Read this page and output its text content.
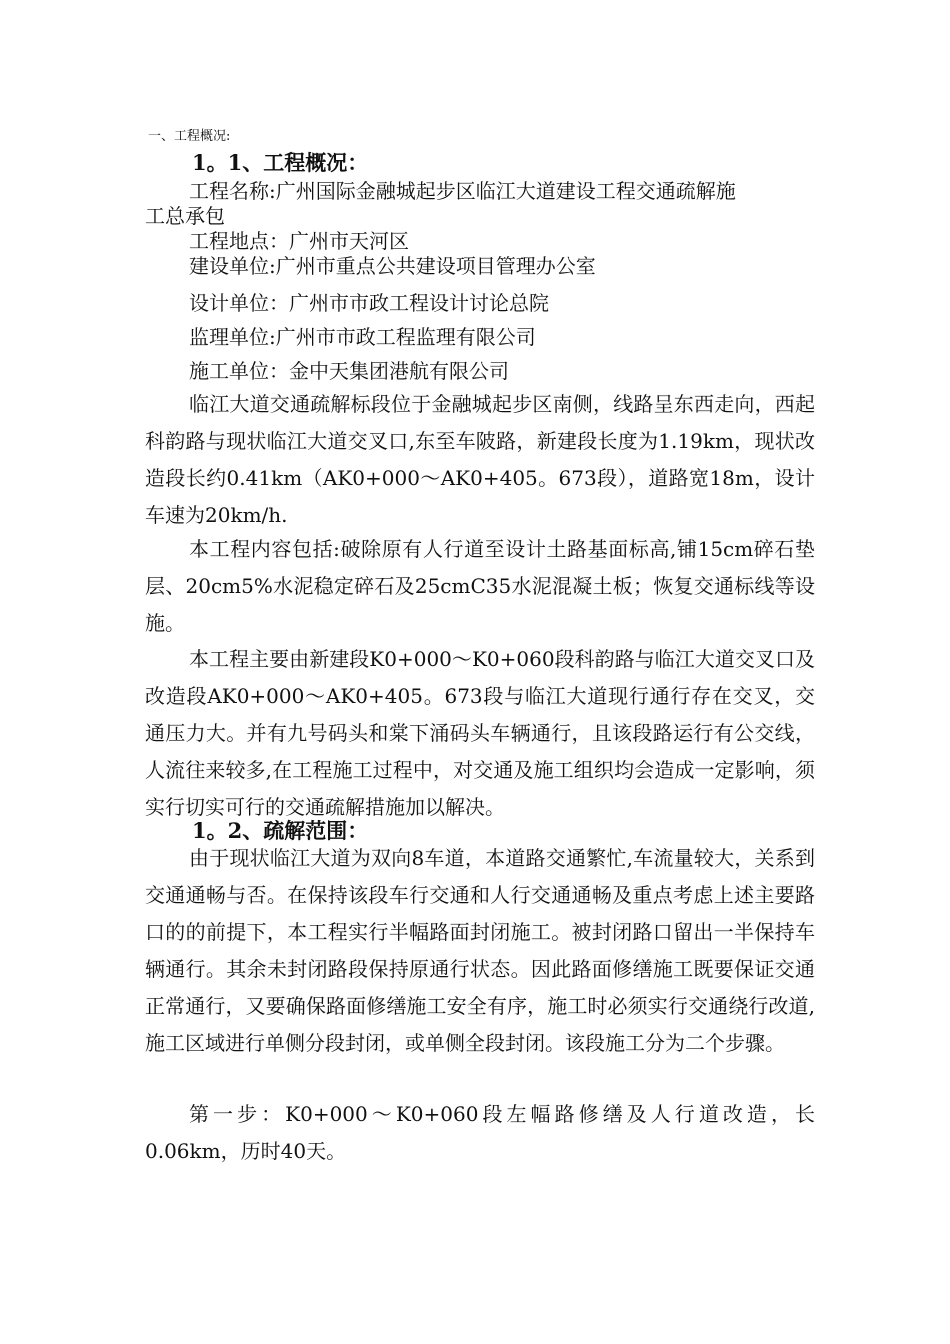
一、工程概况:
1。1、工程概况：
工程名称:广州国际金融城起步区临江大道建设工程交通疏解施
工总承包
工程地点：广州市天河区
建设单位:广州市重点公共建设项目管理办公室
设计单位：广州市市政工程设计讨论总院
监理单位:广州市市政工程监理有限公司
施工单位：金中天集团港航有限公司
临江大道交通疏解标段位于金融城起步区南侧，线路呈东西走向，西起科韵路与现状临江大道交叉口,东至车陂路，新建段长度为1.19km，现状改造段长约0.41km（AK0+000～AK0+405。673段），道路宽18m，设计车速为20km/h.
本工程内容包括:破除原有人行道至设计土路基面标高,铺15cm碎石垫层、20cm5%水泥稳定碎石及25cmC35水泥混凝土板；恢复交通标线等设施。
本工程主要由新建段K0+000～K0+060段科韵路与临江大道交叉口及改造段AK0+000～AK0+405。673段与临江大道现行通行存在交叉，交通压力大。并有九号码头和棠下涌码头车辆通行，且该段路运行有公交线，人流往来较多,在工程施工过程中，对交通及施工组织均会造成一定影响，须实行切实可行的交通疏解措施加以解决。
1。2、疏解范围：
由于现状临江大道为双向8车道，本道路交通繁忙,车流量较大，关系到交通通畅与否。在保持该段车行交通和人行交通通畅及重点考虑上述主要路口的的前提下，本工程实行半幅路面封闭施工。被封闭路口留出一半保持车辆通行。其余未封闭路段保持原通行状态。因此路面修缮施工既要保证交通正常通行，又要确保路面修缮施工安全有序，施工时必须实行交通绕行改道,施工区域进行单侧分段封闭，或单侧全段封闭。该段施工分为二个步骤。
第一步：K0+000～K0+060段左幅路修缮及人行道改造，长0.06km，历时40天。
